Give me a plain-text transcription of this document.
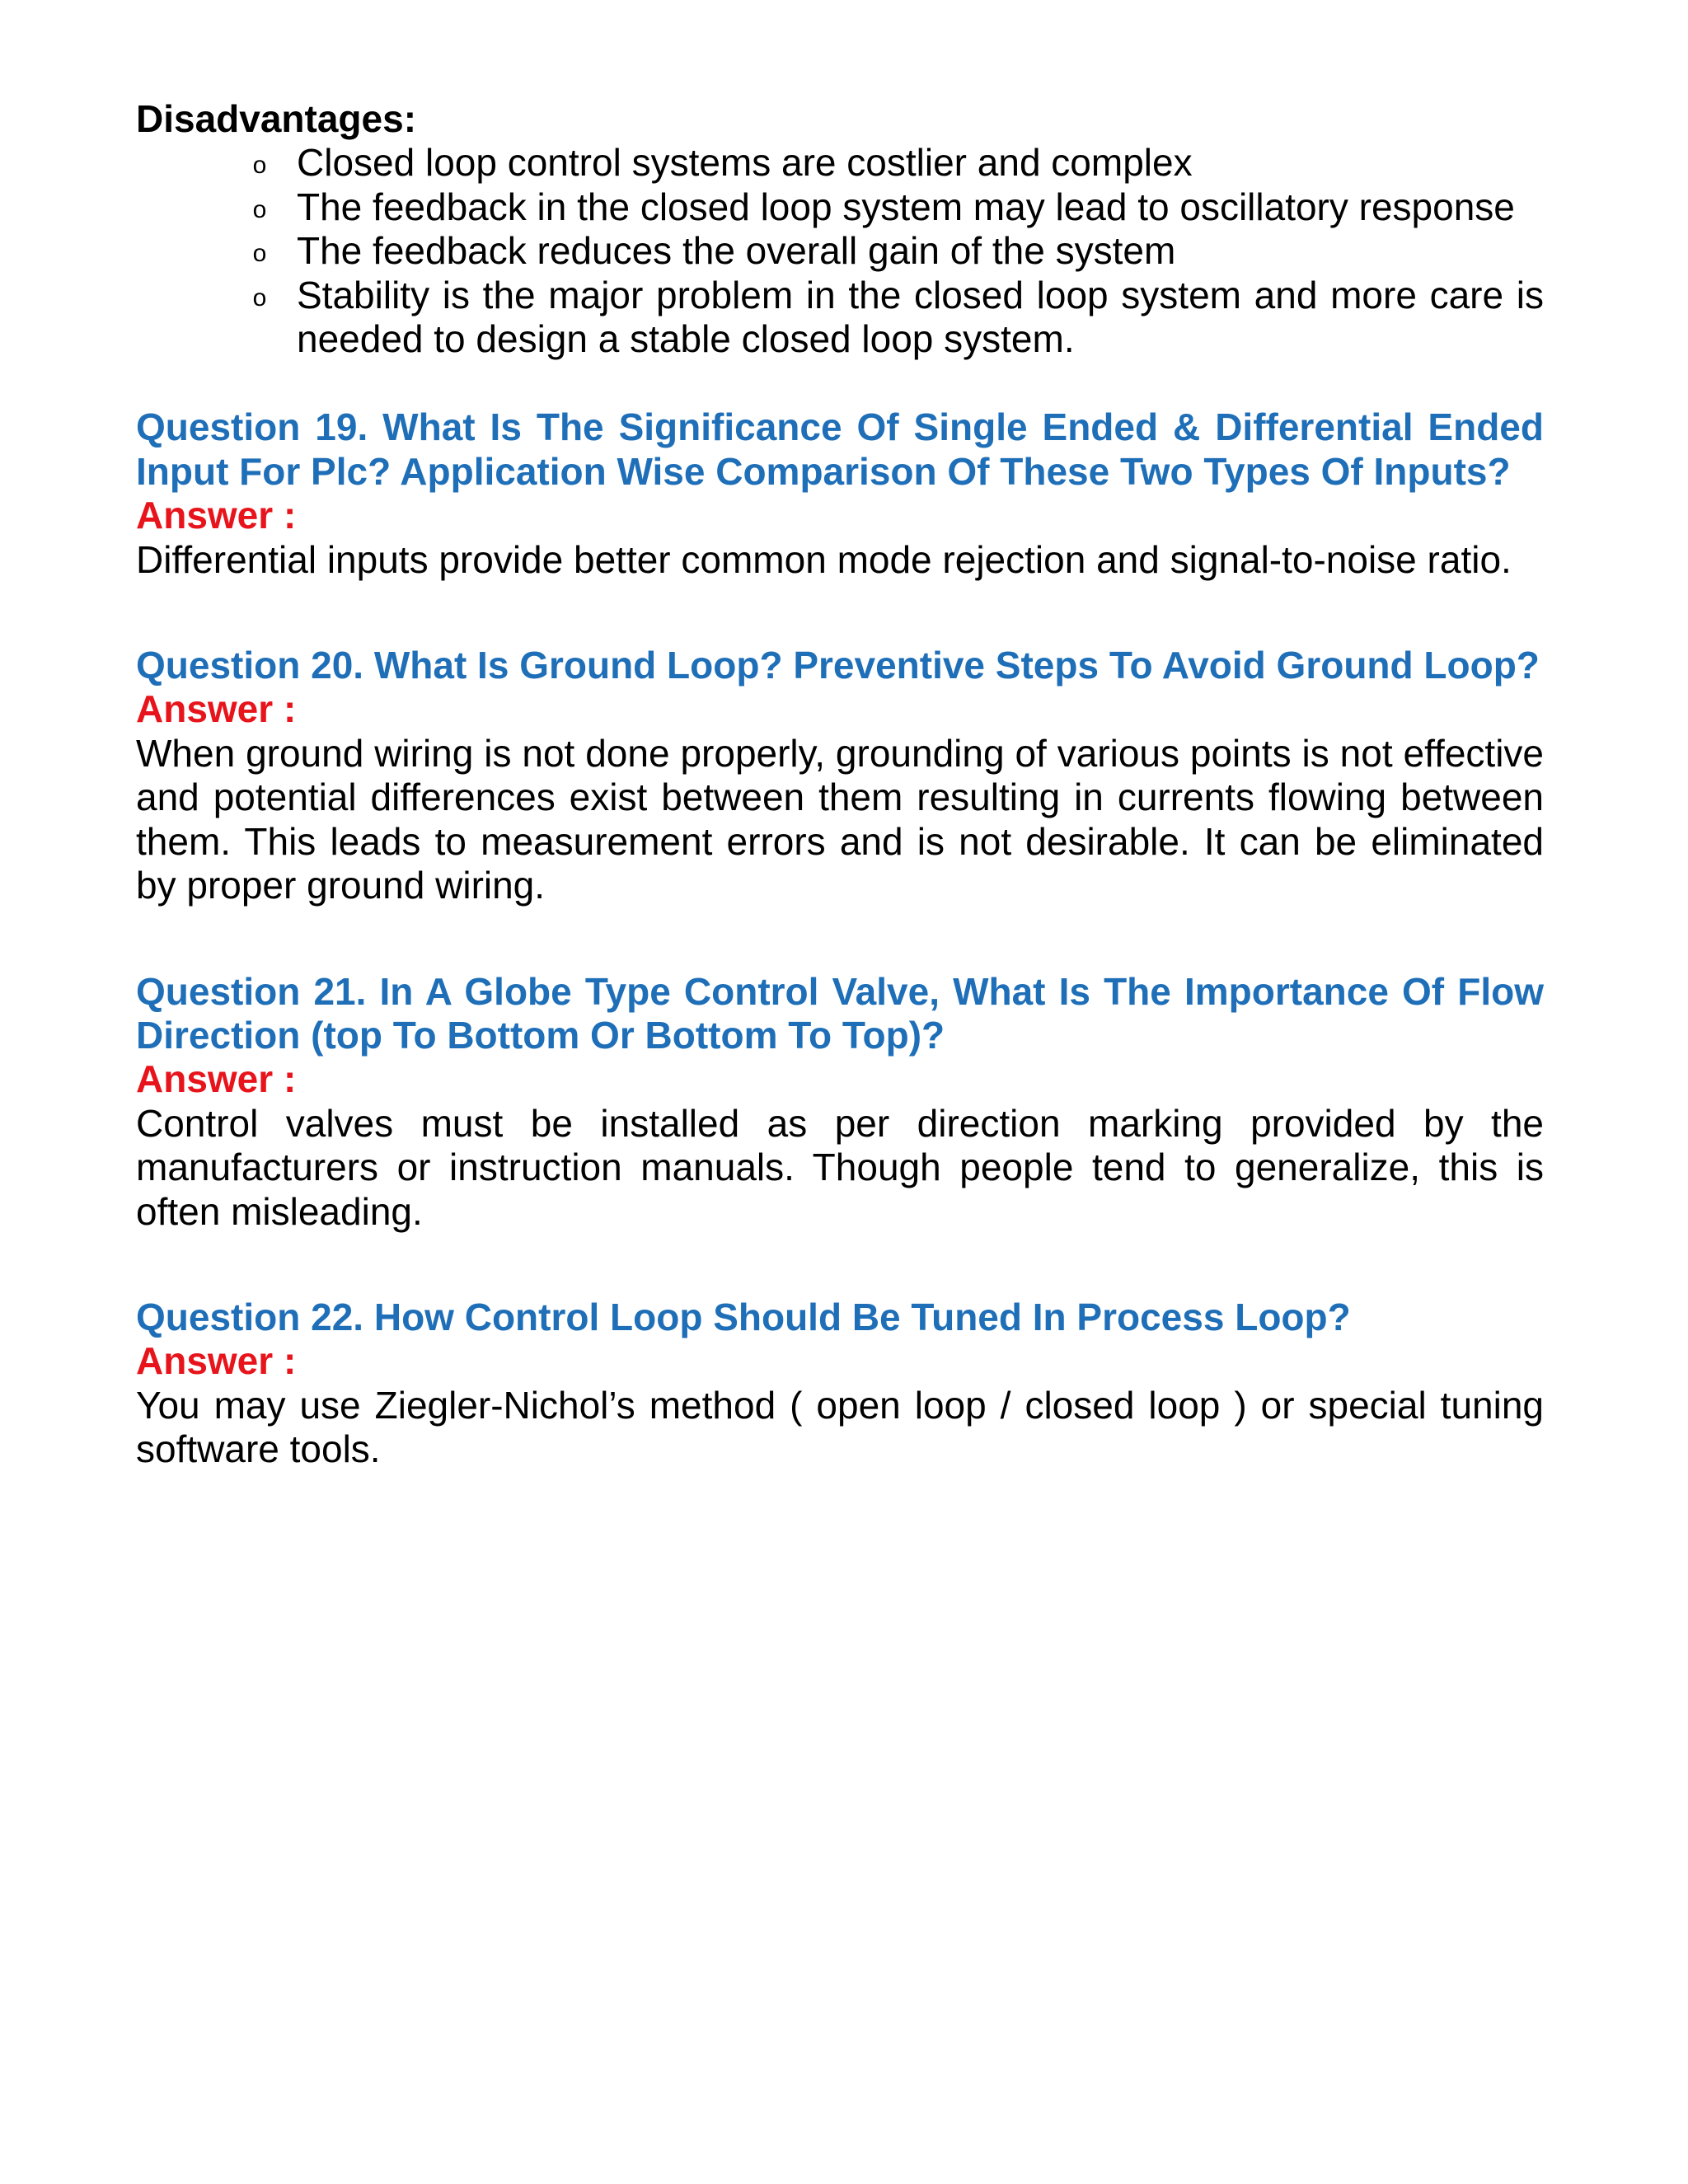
Disadvantages:

o Closed loop control systems are costlier and complex
o The feedback in the closed loop system may lead to oscillatory response
o The feedback reduces the overall gain of the system
o Stability is the major problem in the closed loop system and more care is needed to design a stable closed loop system.

Question 19. What Is The Significance Of Single Ended & Differential Ended Input For Plc? Application Wise Comparison Of These Two Types Of Inputs?

Answer :

Differential inputs provide better common mode rejection and signal-to-noise ratio.

Question 20. What Is Ground Loop? Preventive Steps To Avoid Ground Loop?

Answer :

When ground wiring is not done properly, grounding of various points is not effective and potential differences exist between them resulting in currents flowing between them. This leads to measurement errors and is not desirable. It can be eliminated by proper ground wiring.

Question 21. In A Globe Type Control Valve, What Is The Importance Of Flow Direction (top To Bottom Or Bottom To Top)?

Answer :

Control valves must be installed as per direction marking provided by the manufacturers or instruction manuals. Though people tend to generalize, this is often misleading.

Question 22. How Control Loop Should Be Tuned In Process Loop?

Answer :

You may use Ziegler-Nichol’s method ( open loop / closed loop ) or special tuning software tools.
